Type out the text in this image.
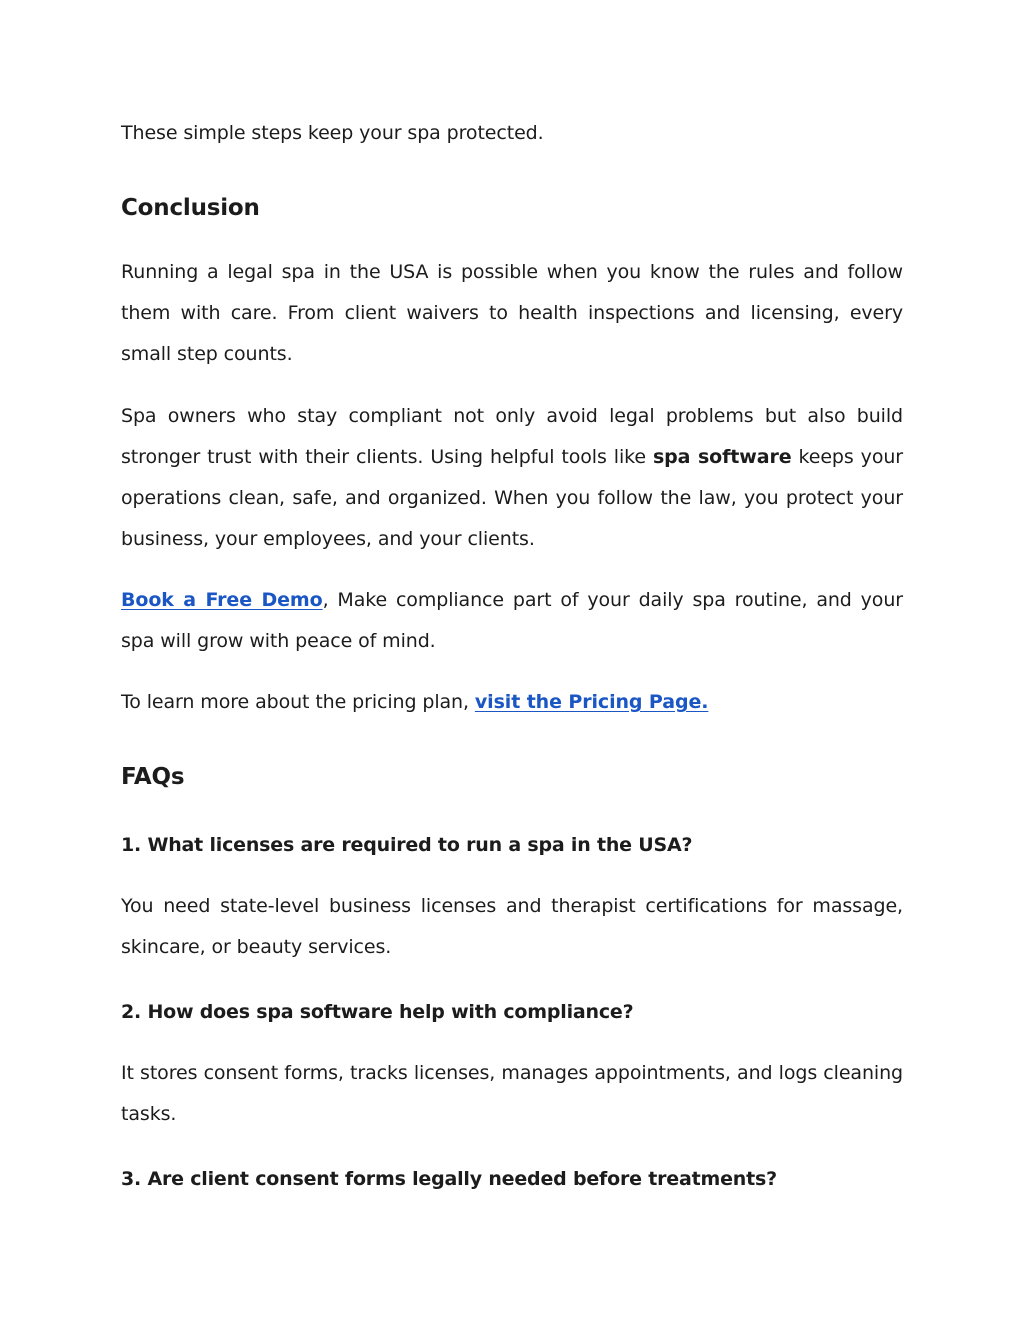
These simple steps keep your spa protected.

Conclusion

Running a legal spa in the USA is possible when you know the rules and follow them with care. From client waivers to health inspections and licensing, every small step counts.

Spa owners who stay compliant not only avoid legal problems but also build stronger trust with their clients. Using helpful tools like spa software keeps your operations clean, safe, and organized. When you follow the law, you protect your business, your employees, and your clients.

Book a Free Demo, Make compliance part of your daily spa routine, and your spa will grow with peace of mind.

To learn more about the pricing plan, visit the Pricing Page.

FAQs
1. What licenses are required to run a spa in the USA?

You need state-level business licenses and therapist certifications for massage, skincare, or beauty services.

2. How does spa software help with compliance?

It stores consent forms, tracks licenses, manages appointments, and logs cleaning tasks.

3. Are client consent forms legally needed before treatments?
